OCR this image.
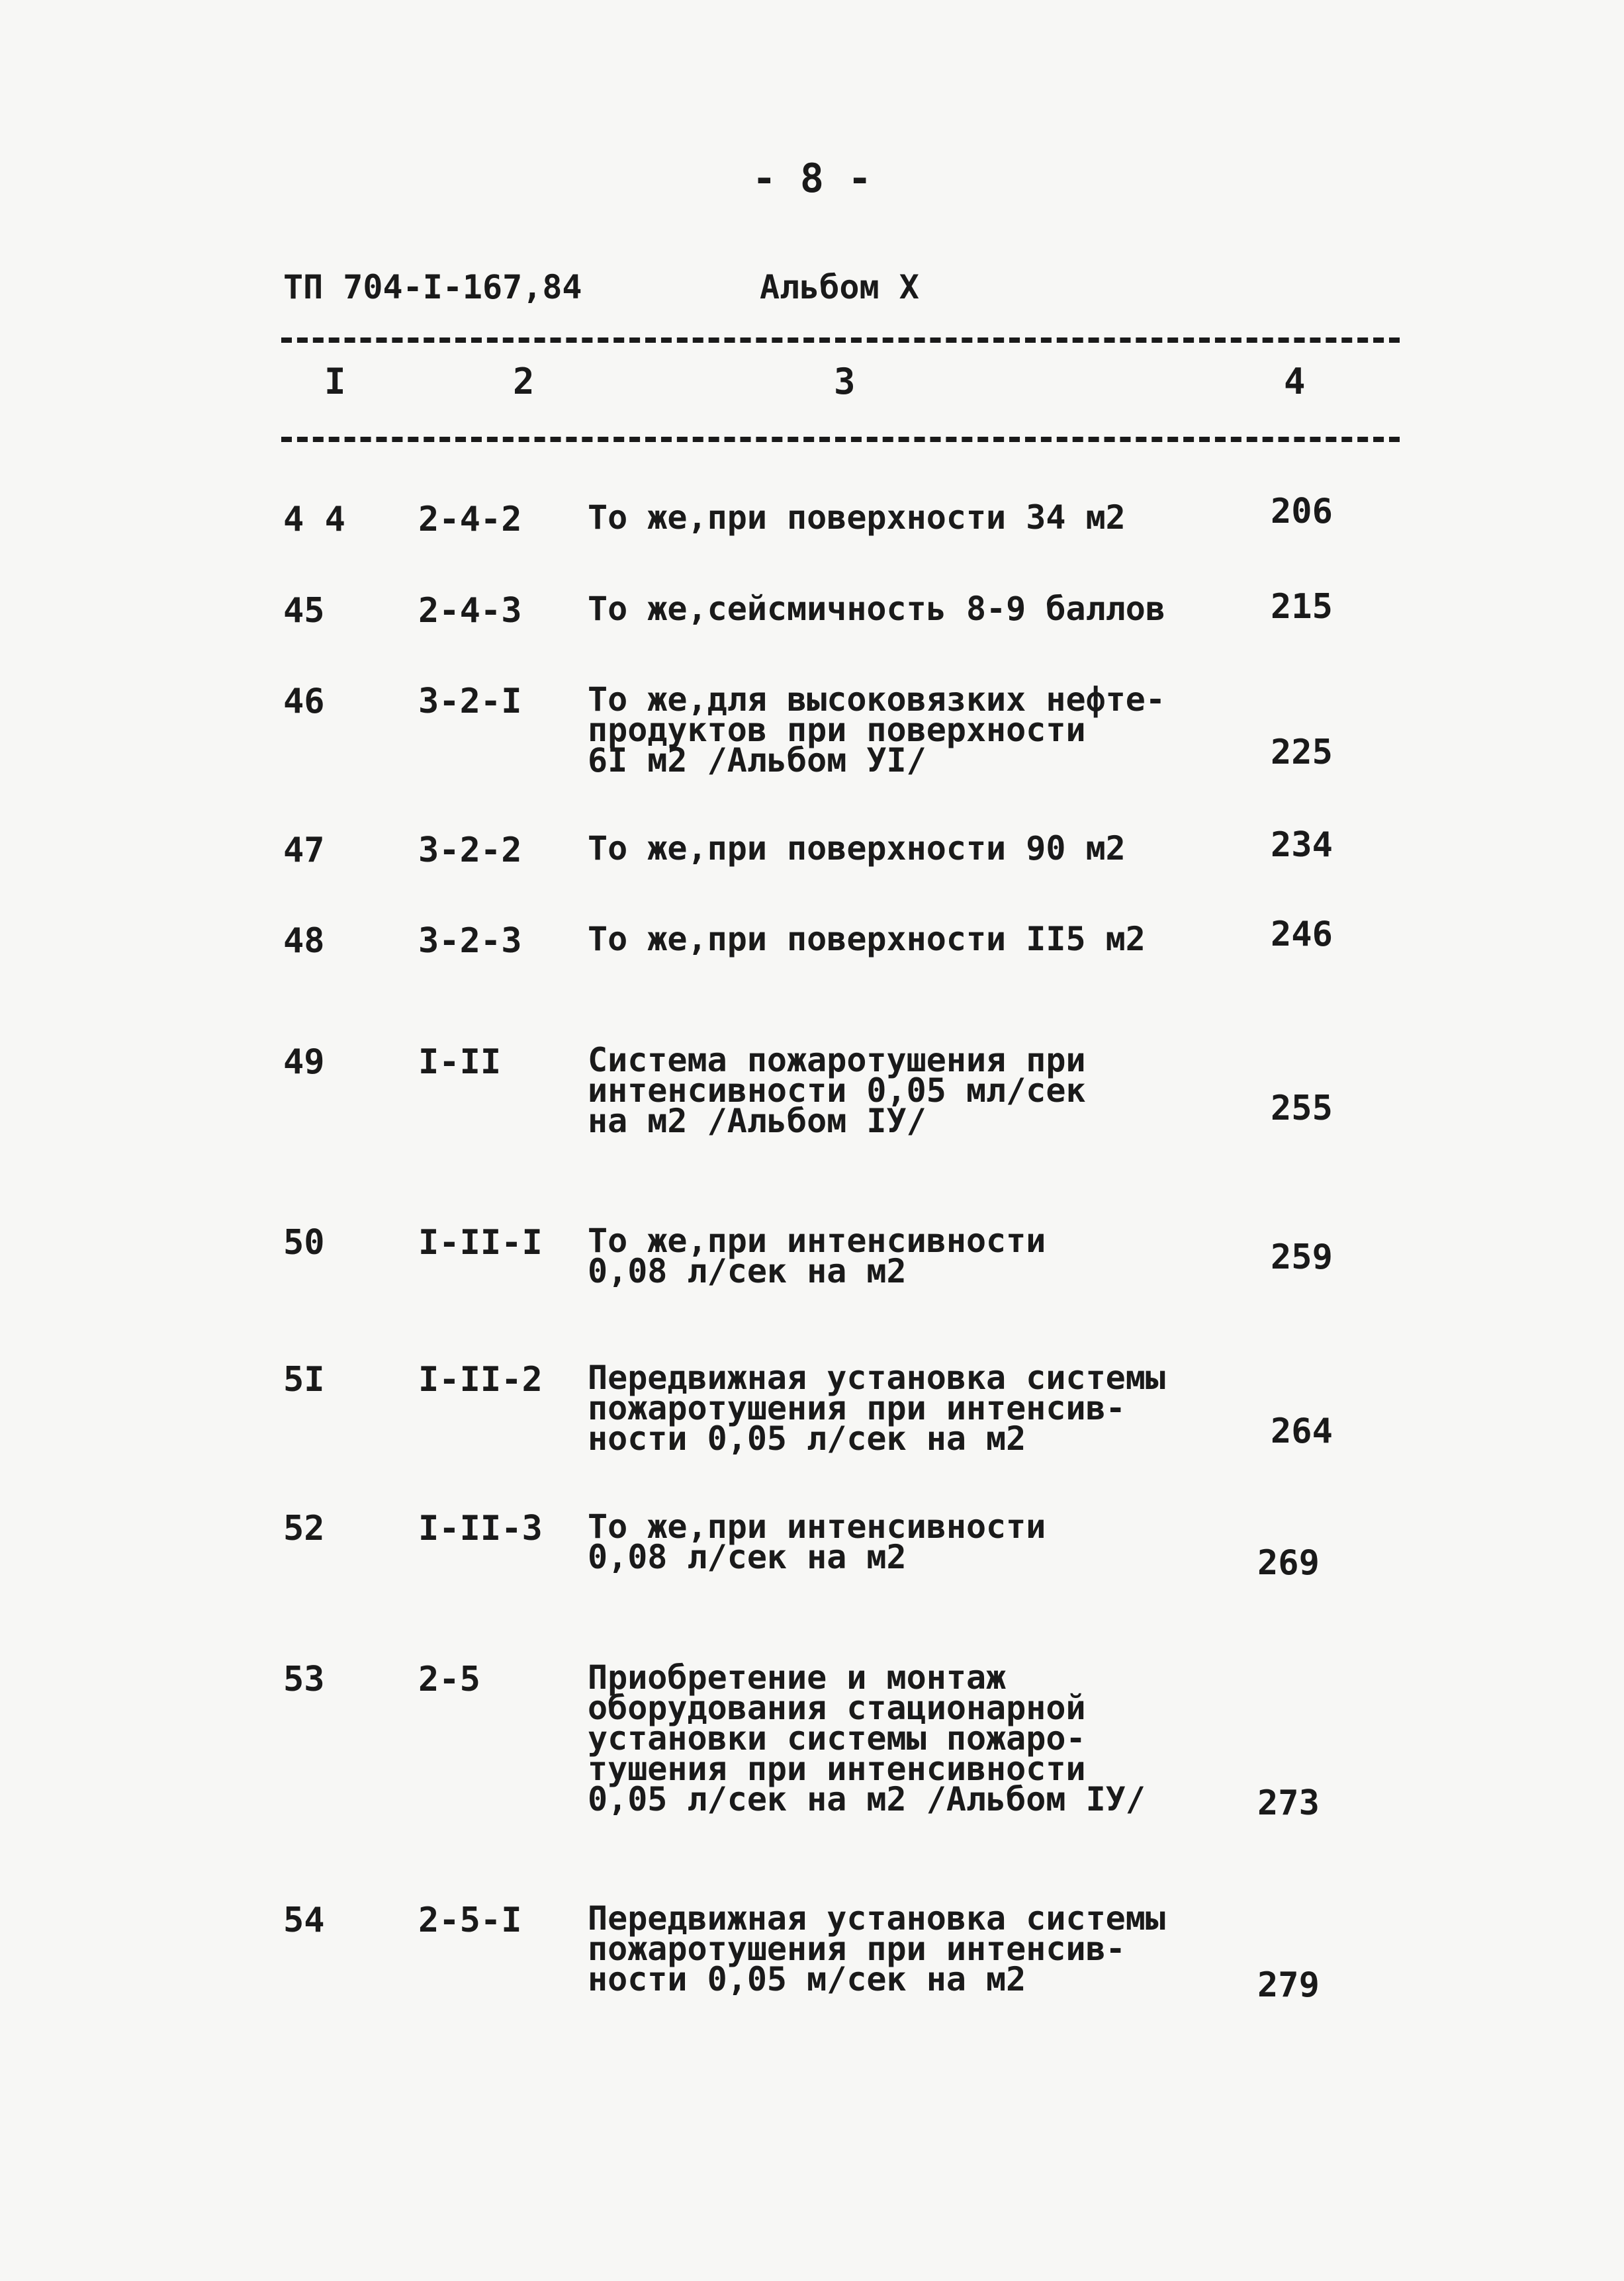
- 8 -
ТП 704-I-167,84	Альбом X
I	2	3	4
4 4 2-4-2 То же,при поверхности 34 м2	206
45	2-4-3 То же,сейсмичность 8-9 баллов	215
46	3-2-I То же,для высоковязких нефте-
продуктов при поверхности
6I м2 /Альбом УI/	225
47	3-2-2 То же,при поверхности 90 м2	234
48	3-2-3 То же,при поверхности II5 м2	246
49	I-II	Система пожаротушения при
интенсивности 0,05 мл/сек
на м2 /Альбом IУ/	255
50	I-II-I То же,при интенсивности
0,08 л/сек на м2	259
5I	I-II-2 Передвижная установка системы
пожаротушения при интенсив-
ности 0,05 л/сек на м2	264
52	I-II-3 То же,при интенсивности
0,08 л/сек на м2	269
53	2-5	Приобретение и монтаж
оборудования стационарной
установки системы пожаро-
тушения при интенсивности
0,05 л/сек на м2 /Альбом IУ/	273
54	2-5-I Передвижная установка системы
пожаротушения при интенсив-
ности 0,05 м/сек на м2	279
